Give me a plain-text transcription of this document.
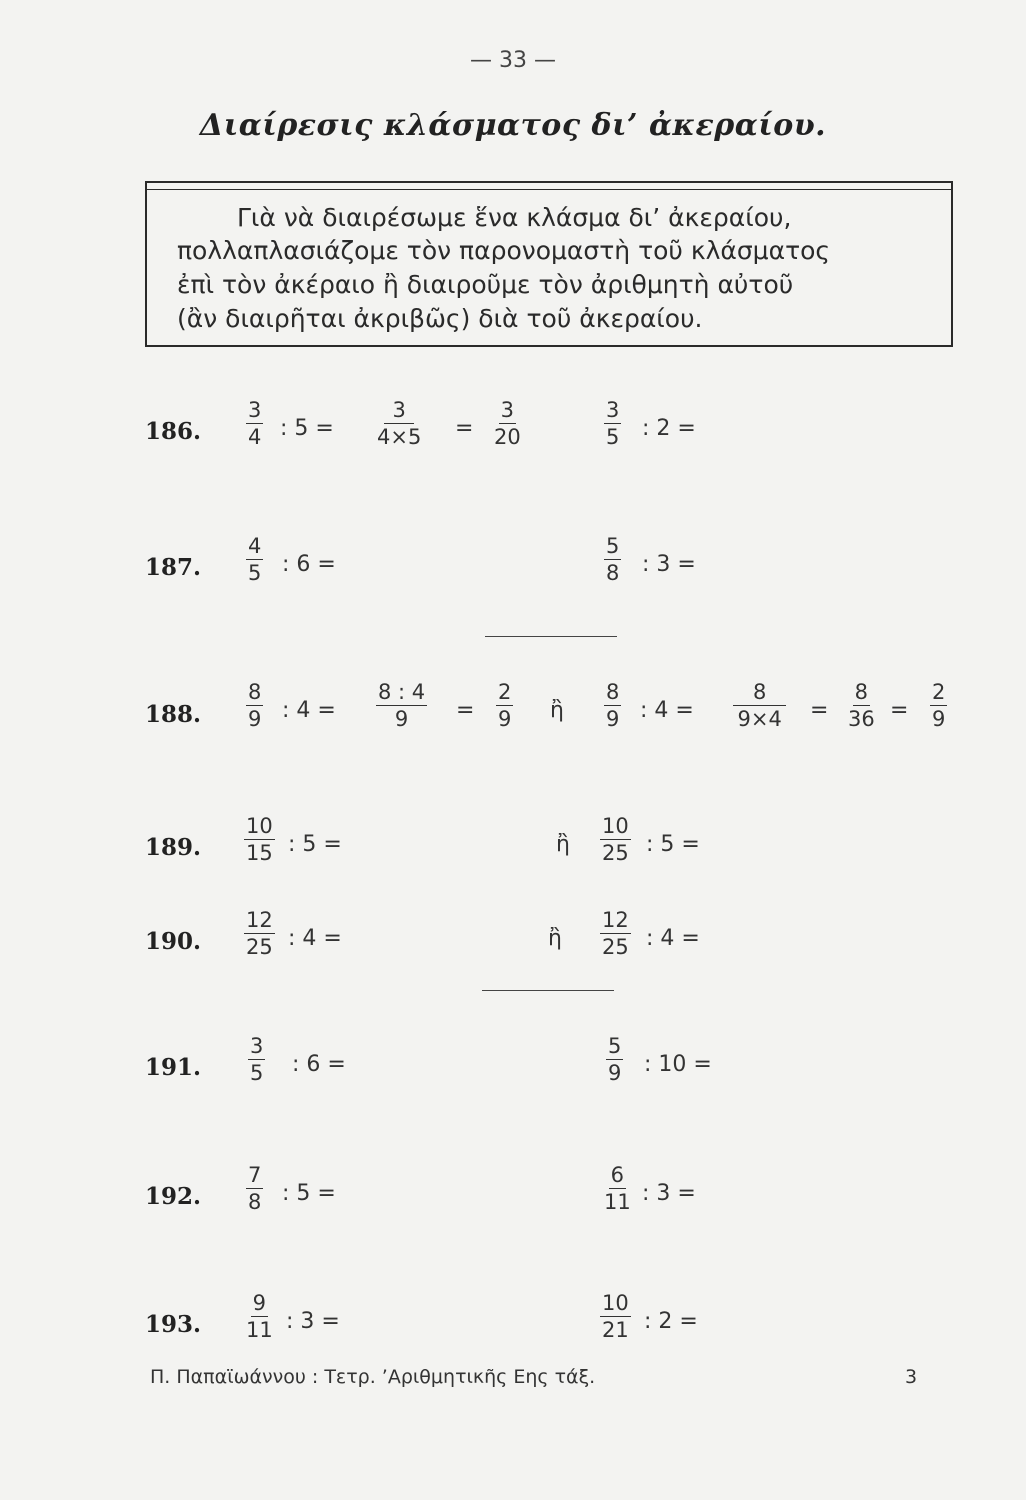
— 33 —
Διαίρεσις κλάσματος δι’ ἀκεραίου.
Γιὰ νὰ διαιρέσωμε ἕνα κλάσμα δι’ ἀκεραίου,
πολλαπλασιάζομε τὸν παρονομαστὴ τοῦ κλάσματος
ἐπὶ τὸν ἀκέραιο ἢ διαιροῦμε τὸν ἀριθμητὴ αὐτοῦ
(ἂν διαιρῆται ἀκριβῶς) διὰ τοῦ ἀκεραίου.
186. $\frac{3}{4}$ : $5 = \frac{3}{4\times 5} = \frac{3}{20}$	$\frac{3}{5}$ : 2 =
187. $\frac{4}{5}$ : 6 =	$\frac{5}{8}$ : 3 =
188. $\frac{8}{9}$ : $4 = \frac{8 : 4}{9} = \frac{2}{9}$ ἢ $\frac{8}{9}$ : $4 = \frac{8}{9\times 4} = \frac{8}{36} = \frac{2}{9}$
189. $\frac{10}{15}$ : 5 =	ἢ $\frac{10}{25}$ : 5 =
190. $\frac{12}{25}$ : 4 =	ἢ $\frac{12}{25}$ : 4 =
191. $\frac{3}{5}$ : 6 =	$\frac{5}{9}$ : 10 =
192. $\frac{7}{8}$ : 5 =	$\frac{6}{11}$ : 3 =
193. $\frac{9}{11}$ : 3 =	$\frac{10}{21}$ : 2 =
Π. Παπαϊωάννου : Τετρ. ’Αριθμητικῆς Εης τάξ.	3
